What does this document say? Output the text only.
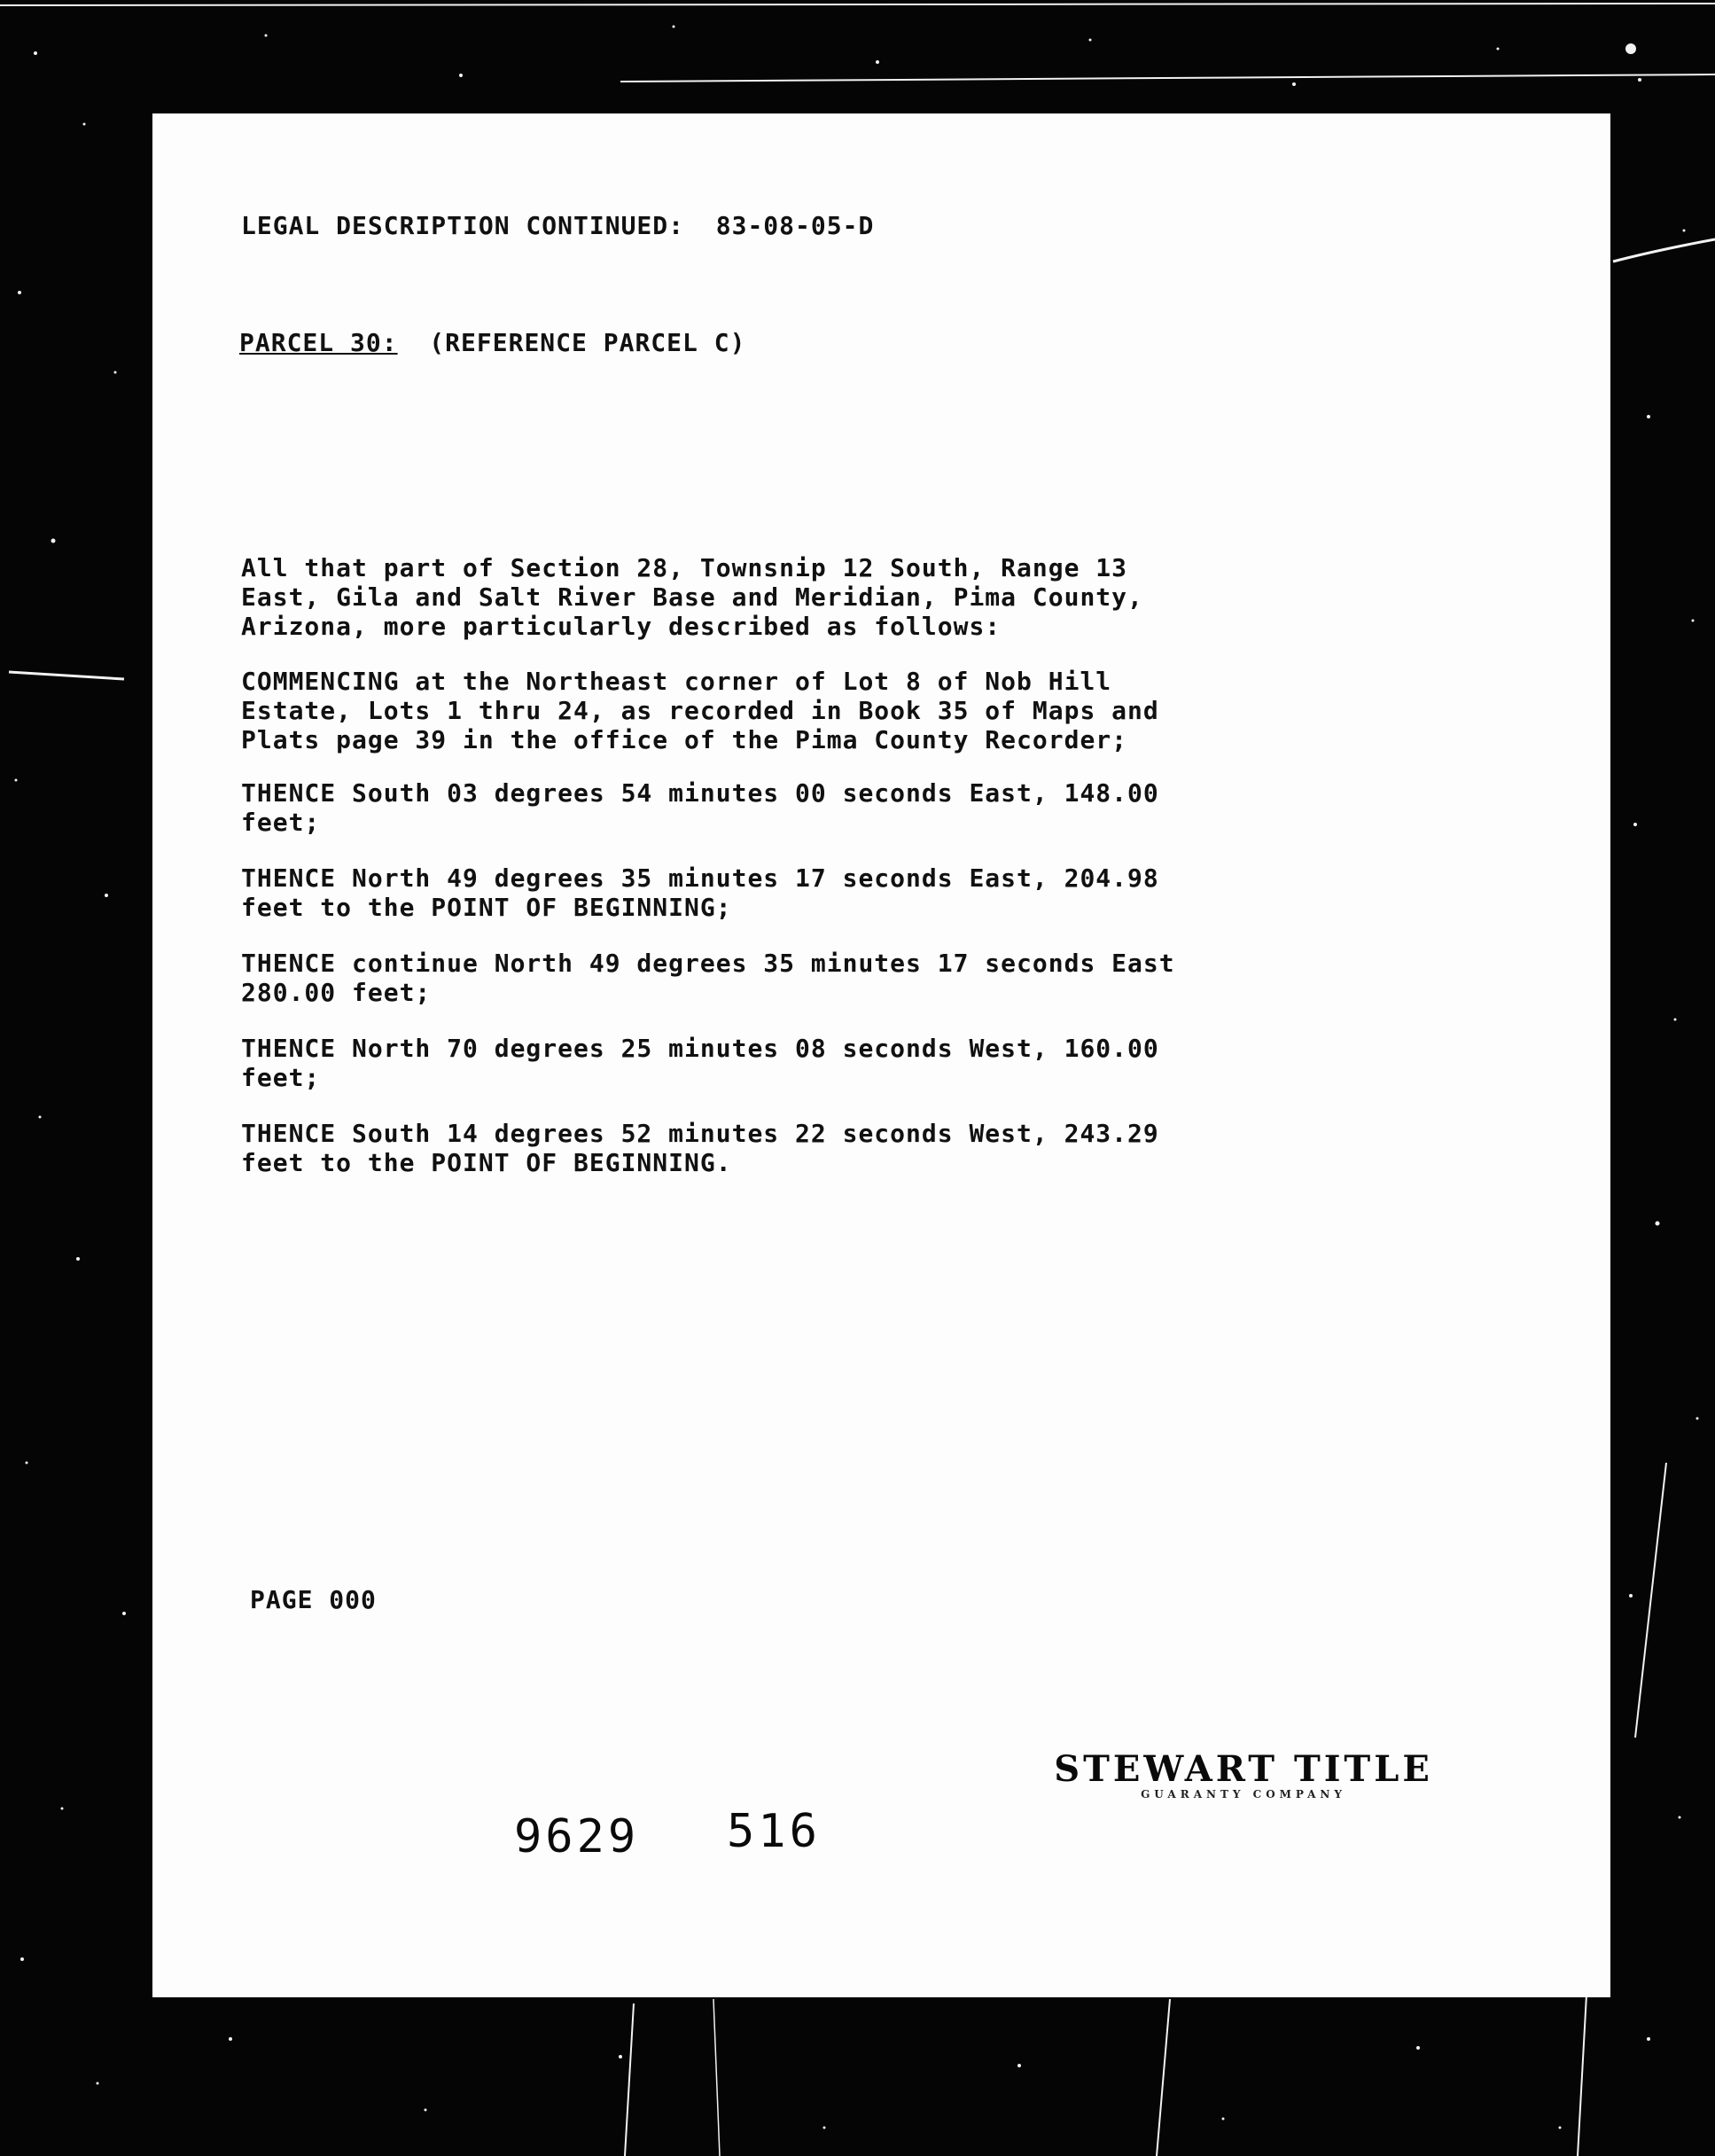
LEGAL DESCRIPTION CONTINUED:  83-08-05-D
PARCEL 30: (REFERENCE PARCEL C)
All that part of Section 28, Townsnip 12 South, Range 13
East, Gila and Salt River Base and Meridian, Pima County,
Arizona, more particularly described as follows:
COMMENCING at the Northeast corner of Lot 8 of Nob Hill
Estate, Lots 1 thru 24, as recorded in Book 35 of Maps and
Plats page 39 in the office of the Pima County Recorder;
THENCE South 03 degrees 54 minutes 00 seconds East, 148.00
feet;
THENCE North 49 degrees 35 minutes 17 seconds East, 204.98
feet to the POINT OF BEGINNING;
THENCE continue North 49 degrees 35 minutes 17 seconds East
280.00 feet;
THENCE North 70 degrees 25 minutes 08 seconds West, 160.00
feet;
THENCE South 14 degrees 52 minutes 22 seconds West, 243.29
feet to the POINT OF BEGINNING.
PAGE 000
9629 516
STEWART TITLE
GUARANTY COMPANY
